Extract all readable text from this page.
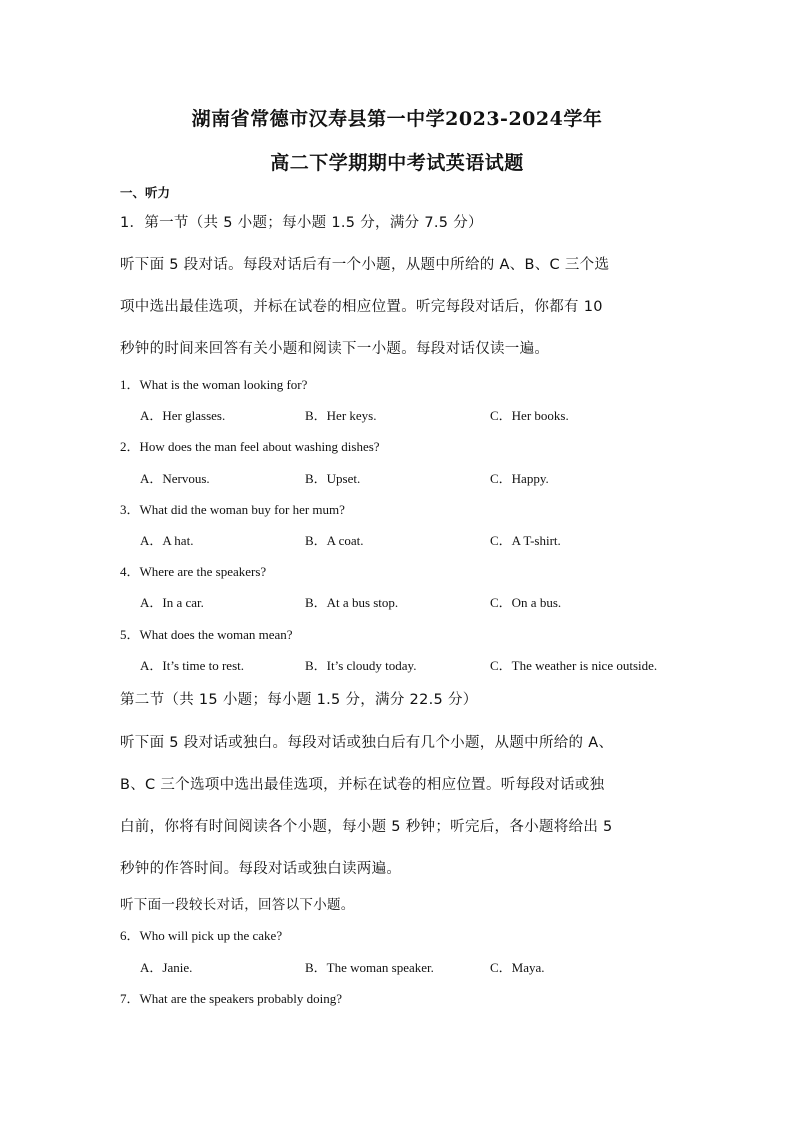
湖南省常德市汉寿县第一中学2023-2024学年
高二下学期期中考试英语试题
一、听力
1．第一节（共 5 小题；每小题 1.5 分，满分 7.5 分）
听下面 5 段对话。每段对话后有一个小题，从题中所给的 A、B、C 三个选
项中选出最佳选项，并标在试卷的相应位置。听完每段对话后，你都有 10
秒钟的时间来回答有关小题和阅读下一小题。每段对话仅读一遍。
1．What is the woman looking for?
A．Her glasses.	B．Her keys.	C．Her books.
2．How does the man feel about washing dishes?
A．Nervous.	B．Upset.	C．Happy.
3．What did the woman buy for her mum?
A．A hat.	B．A coat.	C．A T-shirt.
4．Where are the speakers?
A．In a car.	B．At a bus stop.	C．On a bus.
5．What does the woman mean?
A．It’s time to rest.	B．It’s cloudy today.	C．The weather is nice outside.
第二节（共 15 小题；每小题 1.5 分，满分 22.5 分）
听下面 5 段对话或独白。每段对话或独白后有几个小题，从题中所给的 A、
B、C 三个选项中选出最佳选项，并标在试卷的相应位置。听每段对话或独
白前，你将有时间阅读各个小题，每小题 5 秒钟；听完后，各小题将给出 5
秒钟的作答时间。每段对话或独白读两遍。
听下面一段较长对话，回答以下小题。
6．Who will pick up the cake?
A．Janie.	B．The woman speaker.	C．Maya.
7．What are the speakers probably doing?
